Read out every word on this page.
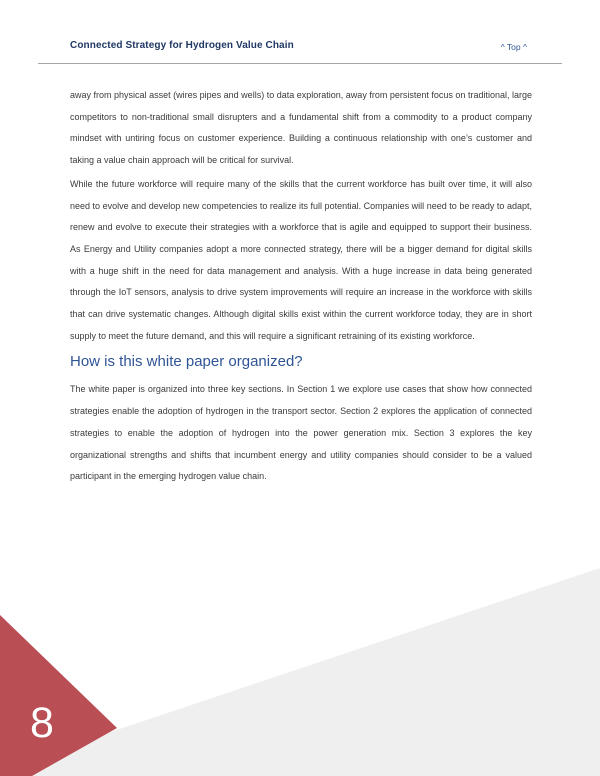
Connected Strategy for Hydrogen Value Chain	^ Top ^

away from physical asset (wires pipes and wells) to data exploration, away from persistent focus on traditional, large competitors to non-traditional small disrupters and a fundamental shift from a commodity to a product company mindset with untiring focus on customer experience. Building a continuous relationship with one’s customer and taking a value chain approach will be critical for survival.

While the future workforce will require many of the skills that the current workforce has built over time, it will also need to evolve and develop new competencies to realize its full potential. Companies will need to be ready to adapt, renew and evolve to execute their strategies with a workforce that is agile and equipped to support their business. As Energy and Utility companies adopt a more connected strategy, there will be a bigger demand for digital skills with a huge shift in the need for data management and analysis. With a huge increase in data being generated through the IoT sensors, analysis to drive system improvements will require an increase in the workforce with skills that can drive systematic changes. Although digital skills exist within the current workforce today, they are in short supply to meet the future demand, and this will require a significant retraining of its existing workforce.

How is this white paper organized?

The white paper is organized into three key sections. In Section 1 we explore use cases that show how connected strategies enable the adoption of hydrogen in the transport sector. Section 2 explores the application of connected strategies to enable the adoption of hydrogen into the power generation mix. Section 3 explores the key organizational strengths and shifts that incumbent energy and utility companies should consider to be a valued participant in the emerging hydrogen value chain.

8
